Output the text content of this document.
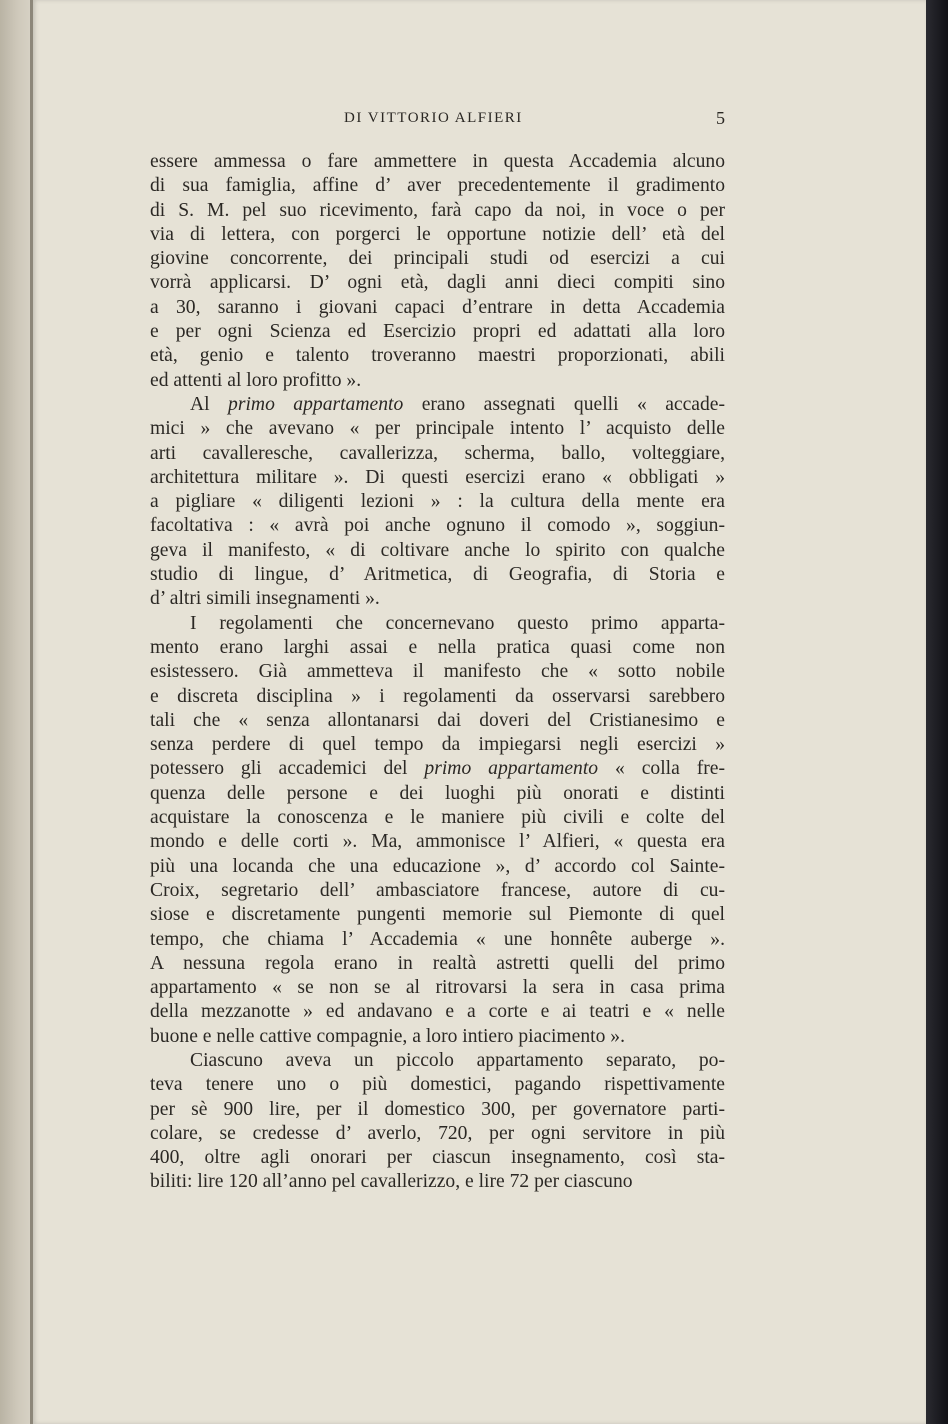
DI VITTORIO ALFIERI	5

essere ammessa o fare ammettere in questa Accademia alcuno
di sua famiglia, affine d’ aver precedentemente il gradimento
di S. M. pel suo ricevimento, farà capo da noi, in voce o per
via di lettera, con porgerci le opportune notizie dell’ età del
giovine concorrente, dei principali studi od esercizi a cui
vorrà applicarsi. D’ ogni età, dagli anni dieci compiti sino
a 30, saranno i giovani capaci d’entrare in detta Accademia
e per ogni Scienza ed Esercizio propri ed adattati alla loro
età, genio e talento troveranno maestri proporzionati, abili
ed attenti al loro profitto ».

Al primo appartamento erano assegnati quelli « accade-
mici » che avevano « per principale intento l’ acquisto delle
arti cavalleresche, cavallerizza, scherma, ballo, volteggiare,
architettura militare ». Di questi esercizi erano « obbligati »
a pigliare « diligenti lezioni » : la cultura della mente era
facoltativa : « avrà poi anche ognuno il comodo », soggiun-
geva il manifesto, « di coltivare anche lo spirito con qualche
studio di lingue, d’ Aritmetica, di Geografia, di Storia e
d’ altri simili insegnamenti ».

I regolamenti che concernevano questo primo apparta-
mento erano larghi assai e nella pratica quasi come non
esistessero. Già ammetteva il manifesto che « sotto nobile
e discreta disciplina » i regolamenti da osservarsi sarebbero
tali che « senza allontanarsi dai doveri del Cristianesimo e
senza perdere di quel tempo da impiegarsi negli esercizi »
potessero gli accademici del primo appartamento « colla fre-
quenza delle persone e dei luoghi più onorati e distinti
acquistare la conoscenza e le maniere più civili e colte del
mondo e delle corti ». Ma, ammonisce l’ Alfieri, « questa era
più una locanda che una educazione », d’ accordo col Sainte-
Croix, segretario dell’ ambasciatore francese, autore di cu-
siose e discretamente pungenti memorie sul Piemonte di quel
tempo, che chiama l’ Accademia « une honnête auberge ».
A nessuna regola erano in realtà astretti quelli del primo
appartamento « se non se al ritrovarsi la sera in casa prima
della mezzanotte » ed andavano e a corte e ai teatri e « nelle
buone e nelle cattive compagnie, a loro intiero piacimento ».

Ciascuno aveva un piccolo appartamento separato, po-
teva tenere uno o più domestici, pagando rispettivamente
per sè 900 lire, per il domestico 300, per governatore parti-
colare, se credesse d’ averlo, 720, per ogni servitore in più
400, oltre agli onorari per ciascun insegnamento, così sta-
biliti: lire 120 all’anno pel cavallerizzo, e lire 72 per ciascuno
